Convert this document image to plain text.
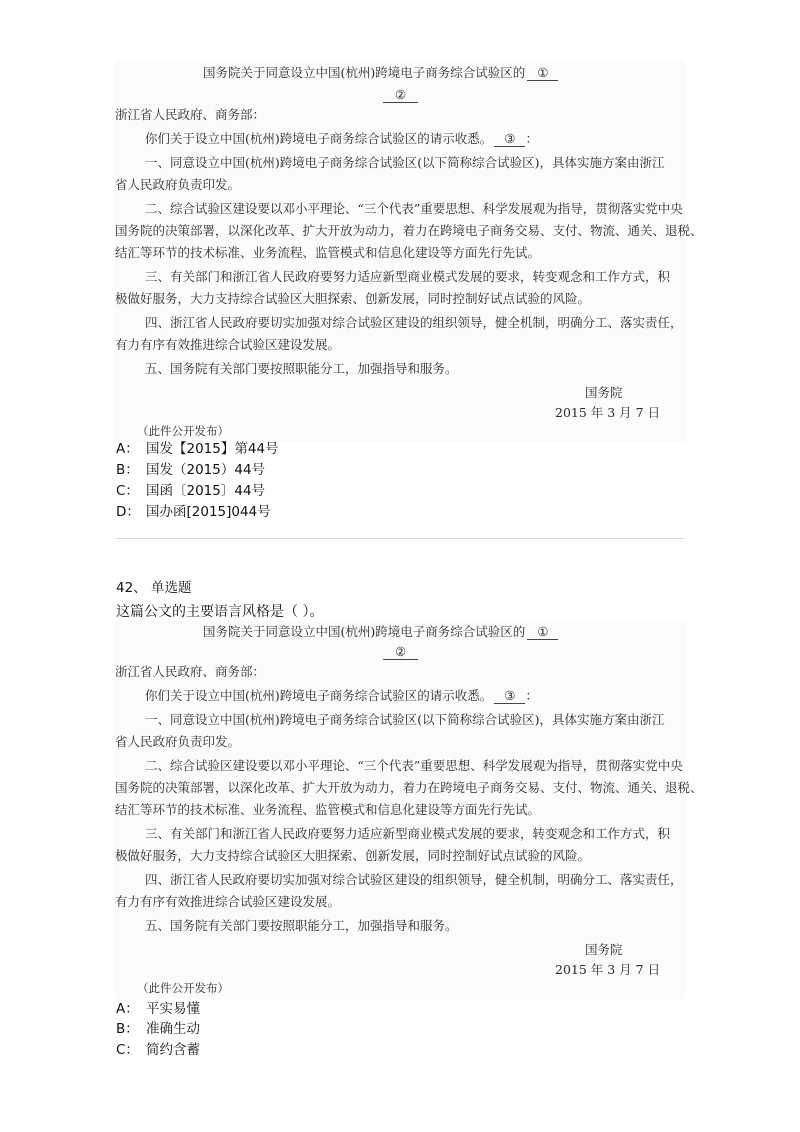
国务院关于同意设立中国(杭州)跨境电子商务综合试验区的 ①
②
浙江省人民政府、商务部：
你们关于设立中国(杭州)跨境电子商务综合试验区的请示收悉。 ③ ：
一、同意设立中国(杭州)跨境电子商务综合试验区(以下简称综合试验区)，具体实施方案由浙江
省人民政府负责印发。
二、综合试验区建设要以邓小平理论、“三个代表”重要思想、科学发展观为指导，贯彻落实党中央
国务院的决策部署，以深化改革、扩大开放为动力，着力在跨境电子商务交易、支付、物流、通关、退税、
结汇等环节的技术标准、业务流程、监管模式和信息化建设等方面先行先试。
三、有关部门和浙江省人民政府要努力适应新型商业模式发展的要求，转变观念和工作方式，积
极做好服务，大力支持综合试验区大胆探索、创新发展，同时控制好试点试验的风险。
四、浙江省人民政府要切实加强对综合试验区建设的组织领导，健全机制，明确分工、落实责任，
有力有序有效推进综合试验区建设发展。
五、国务院有关部门要按照职能分工，加强指导和服务。
国务院
2015 年 3 月 7 日
（此件公开发布）
A： 国发【2015】第44号
B： 国发（2015）44号
C： 国函〔2015〕44号
D： 国办函[2015]044号
42、 单选题
这篇公文的主要语言风格是（ ）。
国务院关于同意设立中国(杭州)跨境电子商务综合试验区的 ①
②
浙江省人民政府、商务部：
你们关于设立中国(杭州)跨境电子商务综合试验区的请示收悉。 ③ ：
一、同意设立中国(杭州)跨境电子商务综合试验区(以下简称综合试验区)，具体实施方案由浙江
省人民政府负责印发。
二、综合试验区建设要以邓小平理论、“三个代表”重要思想、科学发展观为指导，贯彻落实党中央
国务院的决策部署，以深化改革、扩大开放为动力，着力在跨境电子商务交易、支付、物流、通关、退税、
结汇等环节的技术标准、业务流程、监管模式和信息化建设等方面先行先试。
三、有关部门和浙江省人民政府要努力适应新型商业模式发展的要求，转变观念和工作方式，积
极做好服务，大力支持综合试验区大胆探索、创新发展，同时控制好试点试验的风险。
四、浙江省人民政府要切实加强对综合试验区建设的组织领导，健全机制，明确分工、落实责任，
有力有序有效推进综合试验区建设发展。
五、国务院有关部门要按照职能分工，加强指导和服务。
国务院
2015 年 3 月 7 日
（此件公开发布）
A： 平实易懂
B： 准确生动
C： 简约含蓄
